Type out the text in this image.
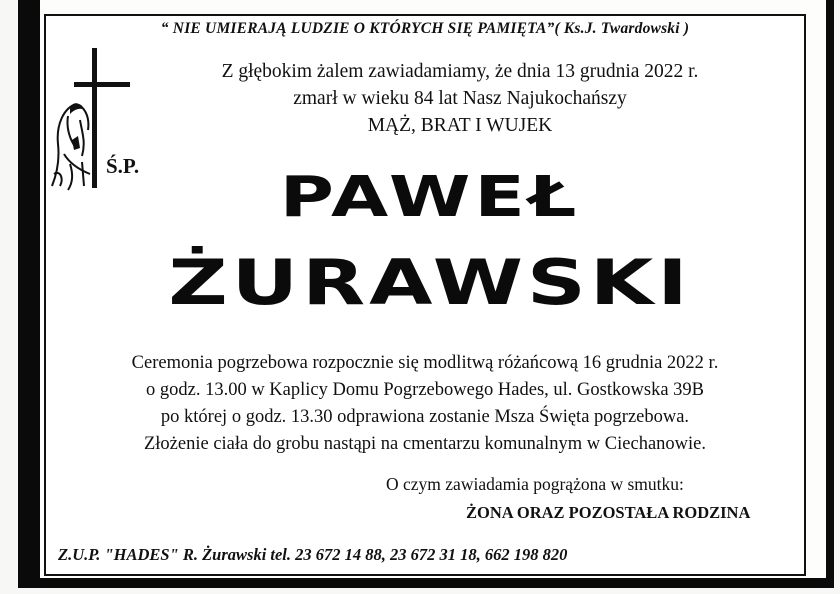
“ NIE UMIERAJĄ LUDZIE O KTÓRYCH SIĘ PAMIĘTA”( Ks.J. Twardowski )
Z głębokim żalem zawiadamiamy, że dnia 13 grudnia 2022 r.
zmarł w wieku 84 lat Nasz Najukochańszy
MĄŻ, BRAT I WUJEK
Ś.P.	PAWEŁ
ŻURAWSKI
Ceremonia pogrzebowa rozpocznie się modlitwą różańcową 16 grudnia 2022 r.
o godz. 13.00 w Kaplicy Domu Pogrzebowego Hades, ul. Gostkowska 39B
po której o godz. 13.30 odprawiona zostanie Msza Święta pogrzebowa.
Złożenie ciała do grobu nastąpi na cmentarzu komunalnym w Ciechanowie.
O czym zawiadamia pogrążona w smutku:
ŻONA ORAZ POZOSTAŁA RODZINA
Z.U.P. "HADES" R. Żurawski tel. 23 672 14 88, 23 672 31 18, 662 198 820
